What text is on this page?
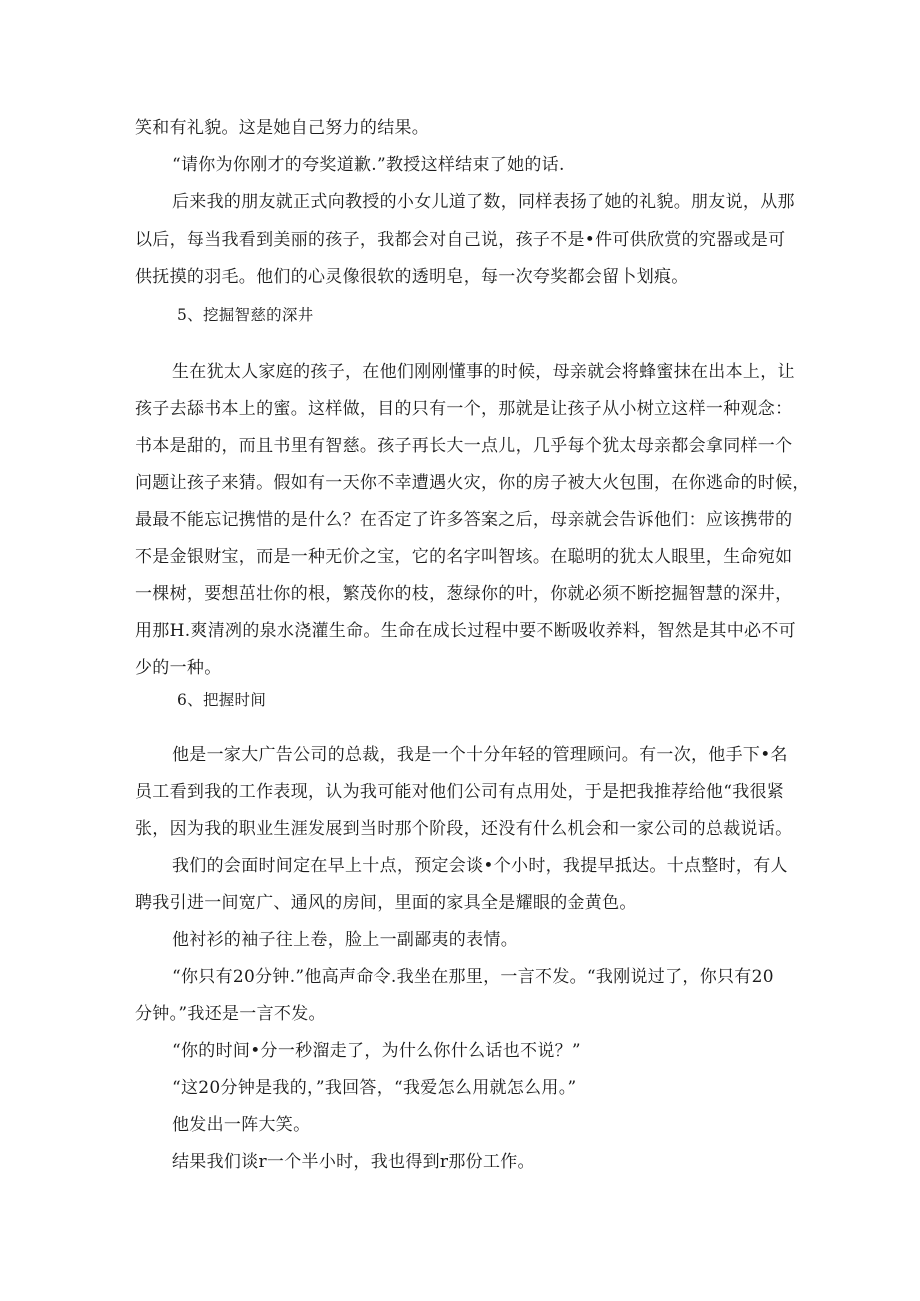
笑和有礼貌。这是她自己努力的结果。
“请你为你刚才的夸奖道歉.”教授这样结束了她的话.
后来我的朋友就正式向教授的小女儿道了数，同样表扬了她的礼貌。朋友说，从那
以后，每当我看到美丽的孩子，我都会对自己说，孩子不是•件可供欣赏的究器或是可
供抚摸的羽毛。他们的心灵像很软的透明皂，每一次夸奖都会留卜划痕。
5、挖掘智慈的深井
生在犹太人家庭的孩子，在他们刚刚懂事的时候，母亲就会将蜂蜜抹在出本上，让
孩子去舔书本上的蜜。这样做，目的只有一个，那就是让孩子从小树立这样一种观念：
书本是甜的，而且书里有智慈。孩子再长大一点儿，几乎每个犹太母亲都会拿同样一个
问题让孩子来猜。假如有一天你不幸遭遇火灾，你的房子被大火包围，在你逃命的时候，
最最不能忘记携惜的是什么？在否定了许多答案之后，母亲就会告诉他们：应该携带的
不是金银财宝，而是一种无价之宝，它的名字叫智垓。在聪明的犹太人眼里，生命宛如
一棵树，要想茁壮你的根，繁茂你的枝，葱绿你的叶，你就必须不断挖掘智慧的深井，
用那H.爽清冽的泉水浇灌生命。生命在成长过程中要不断吸收养料，智然是其中必不可
少的一种。
6、把握时间
他是一家大广告公司的总裁，我是一个十分年轻的管理顾问。有一次，他手下•名
员工看到我的工作表现，认为我可能对他们公司有点用处，于是把我推荐给他“我很紧
张，因为我的职业生涯发展到当时那个阶段，还没有什么机会和一家公司的总裁说话。
我们的会面时间定在早上十点，预定会谈•个小时，我提早抵达。十点整时，有人
聘我引进一间宽广、通风的房间，里面的家具全是耀眼的金黄色。
他衬衫的袖子往上卷，脸上一副鄙夷的表情。
“你只有20分钟.”他高声命令.我坐在那里，一言不发。“我刚说过了，你只有20
分钟。”我还是一言不发。
“你的时间•分一秒溜走了，为什么你什么话也不说？”
“这20分钟是我的，”我回答，“我爱怎么用就怎么用。”
他发出一阵大笑。
结果我们谈r一个半小时，我也得到r那份工作。
